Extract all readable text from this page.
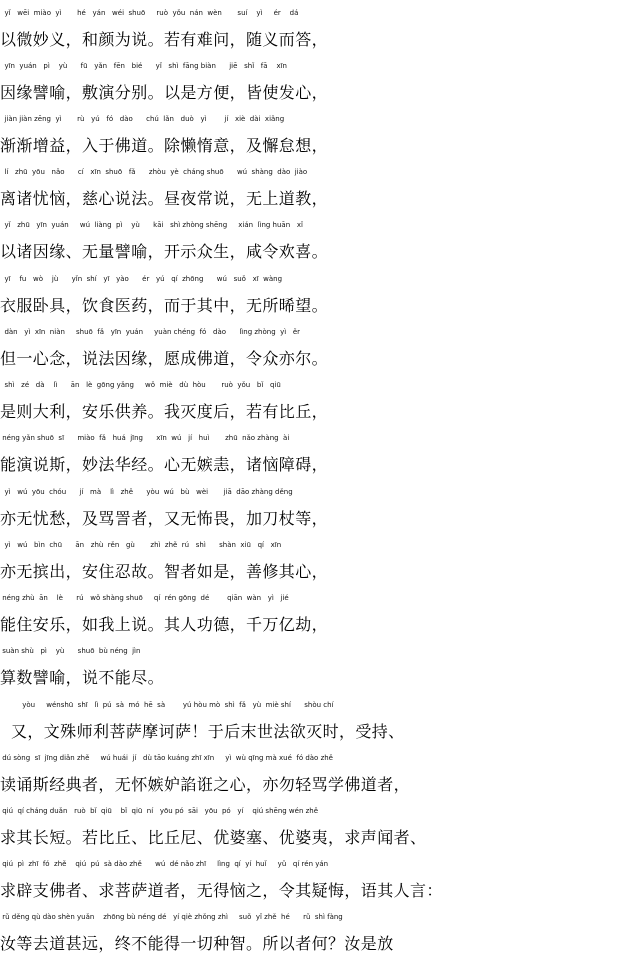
yǐ   wēi  miào  yì       hé   yán   wéi  shuō     ruò  yǒu  nán  wèn       suí    yì     ér    dá
以微妙义，和颜为说。若有难问，随义而答，
yīn  yuán   pì    yù      fū   yǎn   fēn   bié      yǐ   shì  fāng biàn      jiē   shǐ   fā    xīn
因缘譬喻，敷演分别。以是方便，皆使发心，
jiàn jiàn zēng  yì       rù   yú   fó   dào      chú  lǎn   duò   yì        jí   xiè  dài  xiǎng
渐渐增益，入于佛道。除懒惰意，及懈怠想，
lí   zhū  yōu   nǎo      cí   xīn  shuō   fǎ      zhòu  yè  cháng shuō      wú  shàng  dào  jiào
离诸忧恼，慈心说法。昼夜常说，无上道教，
yǐ   zhū   yīn  yuán     wú  liàng  pì    yù      kāi   shì zhòng shēng     xián  lìng huān   xǐ
以诸因缘、无量譬喻，开示众生，咸令欢喜。
yī    fu   wò    jù      yǐn  shí   yī   yào      ér   yú   qí  zhōng      wú   suǒ   xī  wàng
衣服卧具，饮食医药，而于其中，无所晞望。
dàn   yì  xīn  niàn     shuō  fǎ   yīn  yuán     yuàn chéng  fó   dào      lìng zhòng  yì   ěr
但一心念，说法因缘，愿成佛道，令众亦尔。
shì   zé   dà    lì      ān   lè  gōng yǎng     wǒ  miè   dù  hòu       ruò  yǒu   bǐ   qiū
是则大利，安乐供养。我灭度后，若有比丘，
néng yǎn shuō  sī      miào  fǎ   huá  jīng      xīn  wú   jí   huì       zhū  nǎo zhàng  ài
能演说斯，妙法华经。心无嫉恚，诸恼障碍，
yì   wú  yōu  chóu      jí   mà    lì   zhě      yòu  wú   bù   wèi       jiā  dāo zhàng děng
亦无忧愁，及骂詈者，又无怖畏，加刀杖等，
yì   wú   bìn  chū      ān   zhù  rěn   gù       zhì  zhě  rú   shì      shàn  xiū   qí   xīn
亦无摈出，安住忍故。智者如是，善修其心，
néng zhù  ān    lè      rú   wǒ shàng shuō     qí  rén gōng  dé        qiān  wàn   yì   jié
能住安乐，如我上说。其人功德，千万亿劫，
suàn shù   pì    yù      shuō  bù néng  jìn
算数譬喻，说不能尽。
yòu     wénshū  shī   lì  pú  sà  mó  hē  sà        yú hòu mò  shì  fǎ   yù  miè shí      shòu chí
又，文殊师利菩萨摩诃萨！于后末世法欲灭时，受持、
dú sòng  sī  jīng diǎn zhě     wú huái  jí   dù tāo kuáng zhī xīn     yì  wù qīng mà xué  fó dào zhě
读诵斯经典者，无怀嫉妒諂诳之心，亦勿轻骂学佛道者，
qiú  qí cháng duǎn   ruò  bǐ  qiū    bǐ  qiū  ní   yōu pó  sāi   yōu  pó   yí    qiú shēng wén zhě
求其长短。若比丘、比丘尼、优婆塞、优婆夷，求声闻者、
qiú  pì  zhī  fó  zhě    qiú  pú  sà dào zhě      wú  dé nǎo zhī     lìng  qí  yí  huǐ     yǔ   qí rén yán
求辟支佛者、求菩萨道者，无得恼之，令其疑悔，语其人言：
rǔ děng qù dào shèn yuǎn    zhōng bù néng dé   yí qiè zhǒng zhì     suǒ  yǐ zhě  hé      rǔ  shì fàng
汝等去道甚远，终不能得一切种智。所以者何？汝是放
